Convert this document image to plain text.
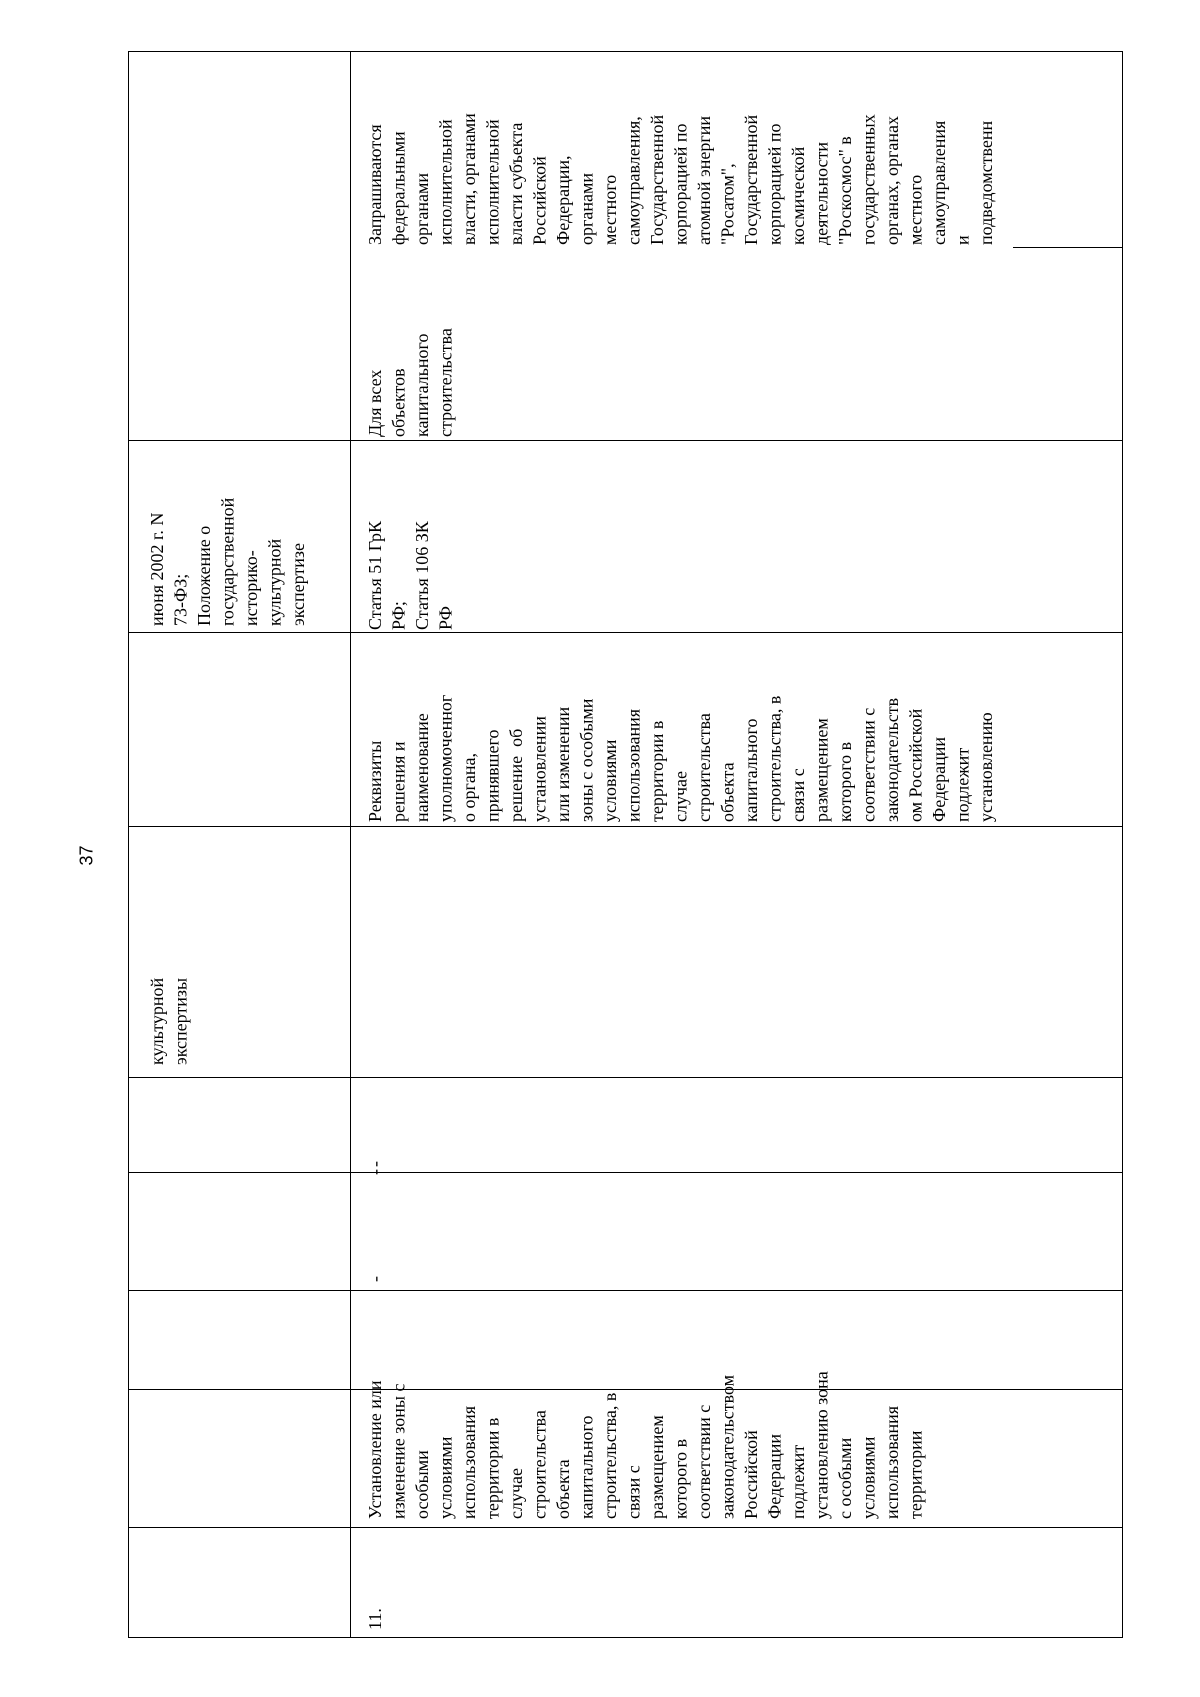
37
культурной
экспертизы
июня 2002 г. N
73-ФЗ;
Положение о
государственной
историко-
культурной
экспертизе
11.
Установление или
изменение зоны с
особыми
условиями
использования
территории в
случае
строительства
объекта
капитального
строительства, в
связи с
размещением
которого в
соответствии с
законодательством
Российской
Федерации
подлежит
установлению зона
с особыми
условиями
использования
территории
-
-
-
Реквизиты
решения и
наименование
уполномоченног
о органа,
принявшего
решение  об
установлении
или изменении
зоны с особыми
условиями
использования
территории в
случае
строительства
объекта
капитального
строительства, в
связи с
размещением
которого в
соответствии с
законодательств
ом Российской
Федерации
подлежит
установлению
Статья 51 ГрК
РФ;
Статья 106 ЗК
РФ
Для всех
объектов
капитального
строительства
Запрашиваются
федеральными
органами
исполнительной
власти, органами
исполнительной
власти субъекта
Российской
Федерации,
органами
местного
самоуправления,
Государственной
корпорацией по
атомной энергии
"Росатом",
Государственной
корпорацией по
космической
деятельности
"Роскосмос" в
государственных
органах, органах
местного
самоуправления
и
подведомственн
